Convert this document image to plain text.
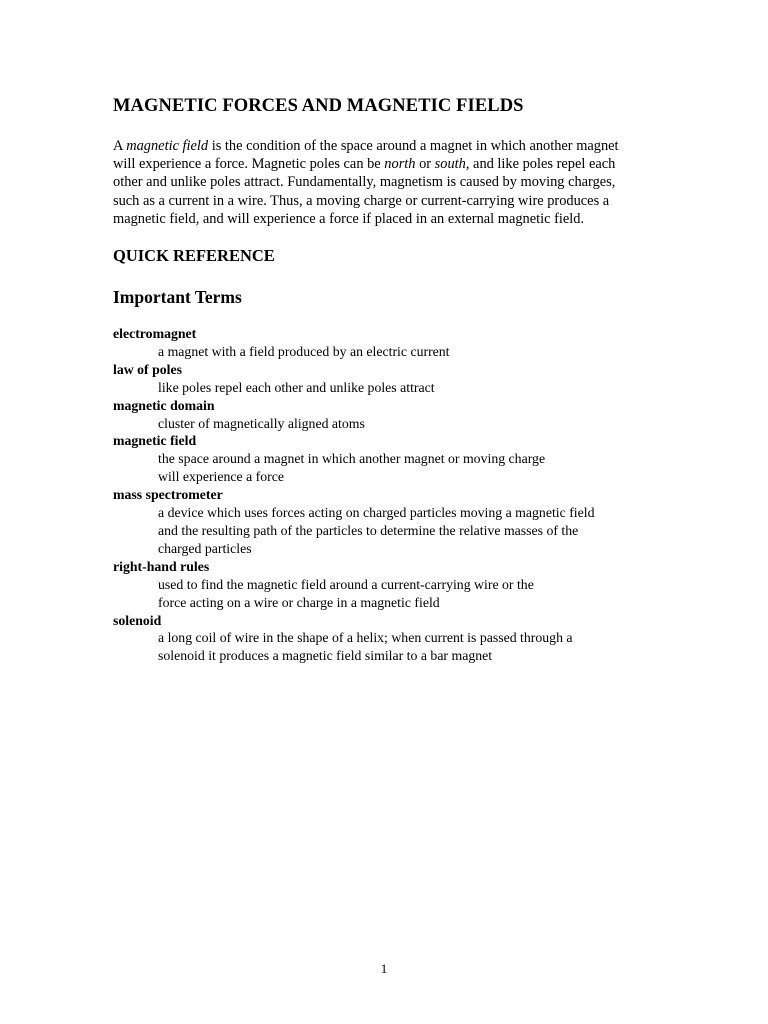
MAGNETIC FORCES AND MAGNETIC FIELDS

A magnetic field is the condition of the space around a magnet in which another magnet
will experience a force. Magnetic poles can be north or south, and like poles repel each
other and unlike poles attract. Fundamentally, magnetism is caused by moving charges,
such as a current in a wire. Thus, a moving charge or current-carrying wire produces a
magnetic field, and will experience a force if placed in an external magnetic field.

QUICK REFERENCE
Important Terms
electromagnet
a magnet with a field produced by an electric current
law of poles
like poles repel each other and unlike poles attract
magnetic domain
cluster of magnetically aligned atoms
magnetic field
the space around a magnet in which another magnet or moving charge
will experience a force
mass spectrometer
a device which uses forces acting on charged particles moving a magnetic field
and the resulting path of the particles to determine the relative masses of the
charged particles
right-hand rules
used to find the magnetic field around a current-carrying wire or the
force acting on a wire or charge in a magnetic field
solenoid
a long coil of wire in the shape of a helix; when current is passed through a
solenoid it produces a magnetic field similar to a bar magnet
1
